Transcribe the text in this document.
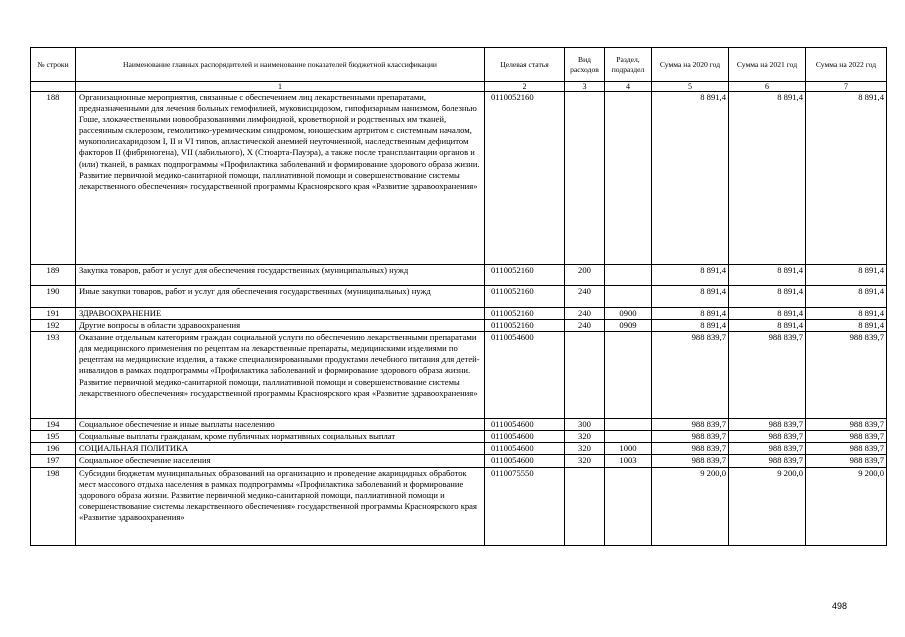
№ строки	Наименование главных распорядителей и наименование показателей бюджетной классификации	Целевая статья	Вид расходов	Раздел, подраздел	Сумма на 2020 год	Сумма на 2021 год	Сумма на 2022 год
	1	2	3	4	5	6	7
188	Организационные мероприятия, связанные с обеспечением лиц лекарственными препаратами, предназначенными для лечения больных гемофилией, муковисцидозом, гипофизарным нанизмом, болезнью Гоше, злокачественными новообразованиями лимфоидной, кроветворной и родственных им тканей, рассеянным склерозом, гемолитико-уремическим синдромом, юношеским артритом с системным началом, мукополисахаридозом I, II и VI типов, апластической анемией неуточненной, наследственным дефицитом факторов II (фибриногена), VII (лабильного), X (Стюарта-Пауэра), а также после трансплантации органов и (или) тканей, в рамках подпрограммы «Профилактика заболеваний и формирование здорового образа жизни. Развитие первичной медико-санитарной помощи, паллиативной помощи и совершенствование системы лекарственного обеспечения» государственной программы Красноярского края «Развитие здравоохранения»	0110052160			8 891,4	8 891,4	8 891,4
189	Закупка товаров, работ и услуг для обеспечения государственных (муниципальных) нужд	0110052160	200		8 891,4	8 891,4	8 891,4
190	Иные закупки товаров, работ и услуг для обеспечения государственных (муниципальных) нужд	0110052160	240		8 891,4	8 891,4	8 891,4
191	ЗДРАВООХРАНЕНИЕ	0110052160	240	0900	8 891,4	8 891,4	8 891,4
192	Другие вопросы в области здравоохранения	0110052160	240	0909	8 891,4	8 891,4	8 891,4
193	Оказание отдельным категориям граждан социальной услуги по обеспечению лекарственными препаратами для медицинского применения по рецептам на лекарственные препараты, медицинскими изделиями по рецептам на медицинские изделия, а также специализированными продуктами лечебного питания для детей-инвалидов в рамках подпрограммы «Профилактика заболеваний и формирование здорового образа жизни. Развитие первичной медико-санитарной помощи, паллиативной помощи и совершенствование системы лекарственного обеспечения» государственной программы Красноярского края «Развитие здравоохранения»	0110054600			988 839,7	988 839,7	988 839,7
194	Социальное обеспечение и иные выплаты населению	0110054600	300		988 839,7	988 839,7	988 839,7
195	Социальные выплаты гражданам, кроме публичных нормативных социальных выплат	0110054600	320		988 839,7	988 839,7	988 839,7
196	СОЦИАЛЬНАЯ ПОЛИТИКА	0110054600	320	1000	988 839,7	988 839,7	988 839,7
197	Социальное обеспечение населения	0110054600	320	1003	988 839,7	988 839,7	988 839,7
198	Субсидии бюджетам муниципальных образований на организацию и проведение акарицидных обработок мест массового отдыха населения в рамках подпрограммы «Профилактика заболеваний и формирование здорового образа жизни. Развитие первичной медико-санитарной помощи, паллиативной помощи и совершенствование системы лекарственного обеспечения» государственной программы Красноярского края «Развитие здравоохранения»	0110075550			9 200,0	9 200,0	9 200,0
498
